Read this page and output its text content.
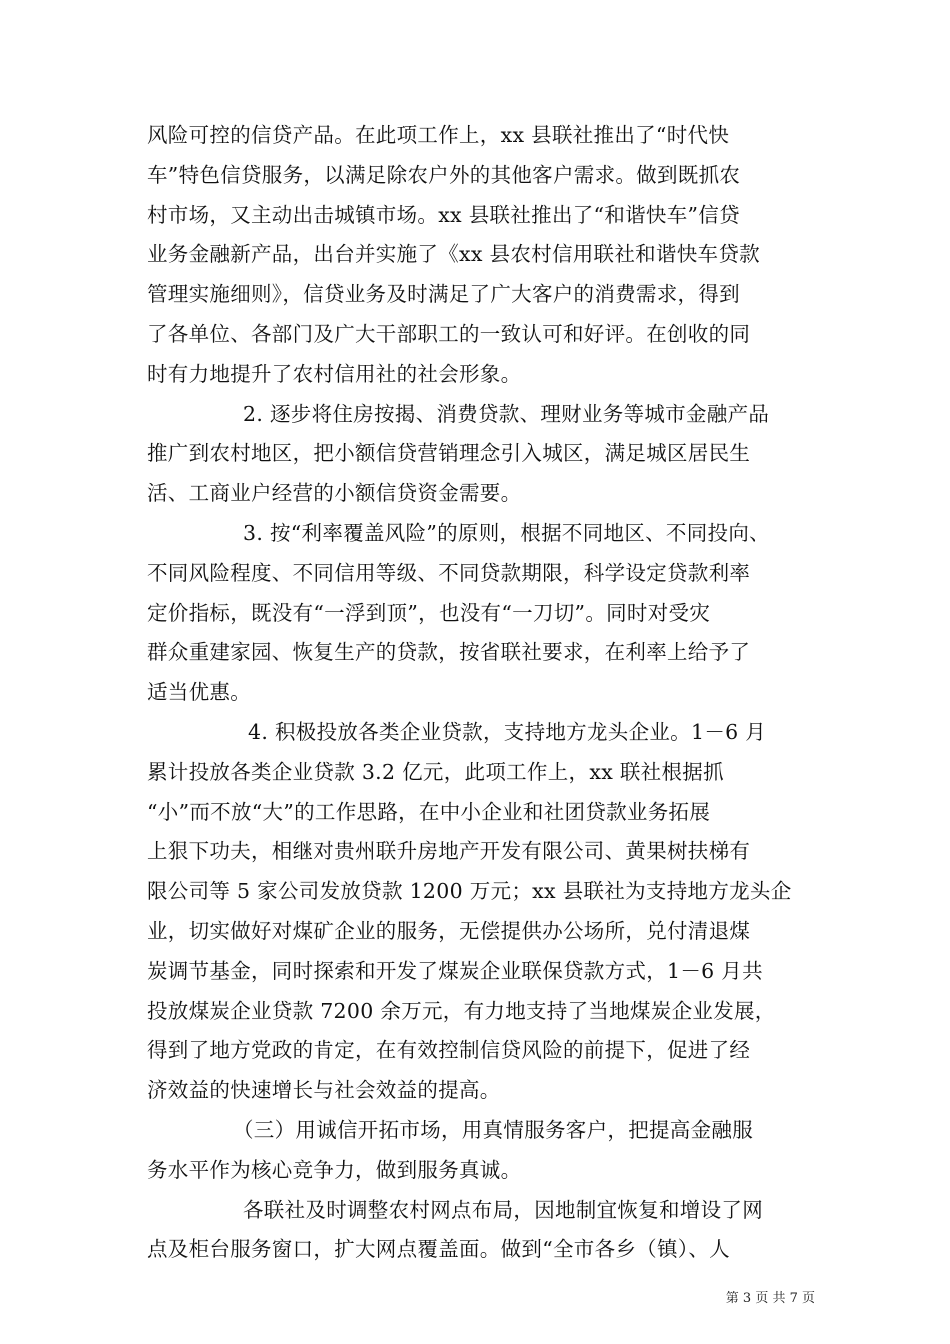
风险可控的信贷产品。在此项工作上，xx 县联社推出了“时代快
车”特色信贷服务，以满足除农户外的其他客户需求。做到既抓农
村市场，又主动出击城镇市场。xx 县联社推出了“和谐快车”信贷
业务金融新产品，出台并实施了《xx 县农村信用联社和谐快车贷款
管理实施细则》，信贷业务及时满足了广大客户的消费需求，得到
了各单位、各部门及广大干部职工的一致认可和好评。在创收的同
时有力地提升了农村信用社的社会形象。
2. 逐步将住房按揭、消费贷款、理财业务等城市金融产品
推广到农村地区，把小额信贷营销理念引入城区，满足城区居民生
活、工商业户经营的小额信贷资金需要。
3. 按“利率覆盖风险”的原则，根据不同地区、不同投向、
不同风险程度、不同信用等级、不同贷款期限，科学设定贷款利率
定价指标，既没有“一浮到顶”，也没有“一刀切”。同时对受灾
群众重建家园、恢复生产的贷款，按省联社要求，在利率上给予了
适当优惠。
4. 积极投放各类企业贷款，支持地方龙头企业。1－6 月
累计投放各类企业贷款 3.2 亿元，此项工作上，xx 联社根据抓
“小”而不放“大”的工作思路，在中小企业和社团贷款业务拓展
上狠下功夫，相继对贵州联升房地产开发有限公司、黄果树扶梯有
限公司等 5 家公司发放贷款 1200 万元；xx 县联社为支持地方龙头企
业，切实做好对煤矿企业的服务，无偿提供办公场所，兑付清退煤
炭调节基金，同时探索和开发了煤炭企业联保贷款方式，1－6 月共
投放煤炭企业贷款 7200 余万元，有力地支持了当地煤炭企业发展，
得到了地方党政的肯定，在有效控制信贷风险的前提下，促进了经
济效益的快速增长与社会效益的提高。
（三）用诚信开拓市场，用真情服务客户，把提高金融服
务水平作为核心竞争力，做到服务真诚。
各联社及时调整农村网点布局，因地制宜恢复和增设了网
点及柜台服务窗口，扩大网点覆盖面。做到“全市各乡（镇）、人
第 3 页 共 7 页
